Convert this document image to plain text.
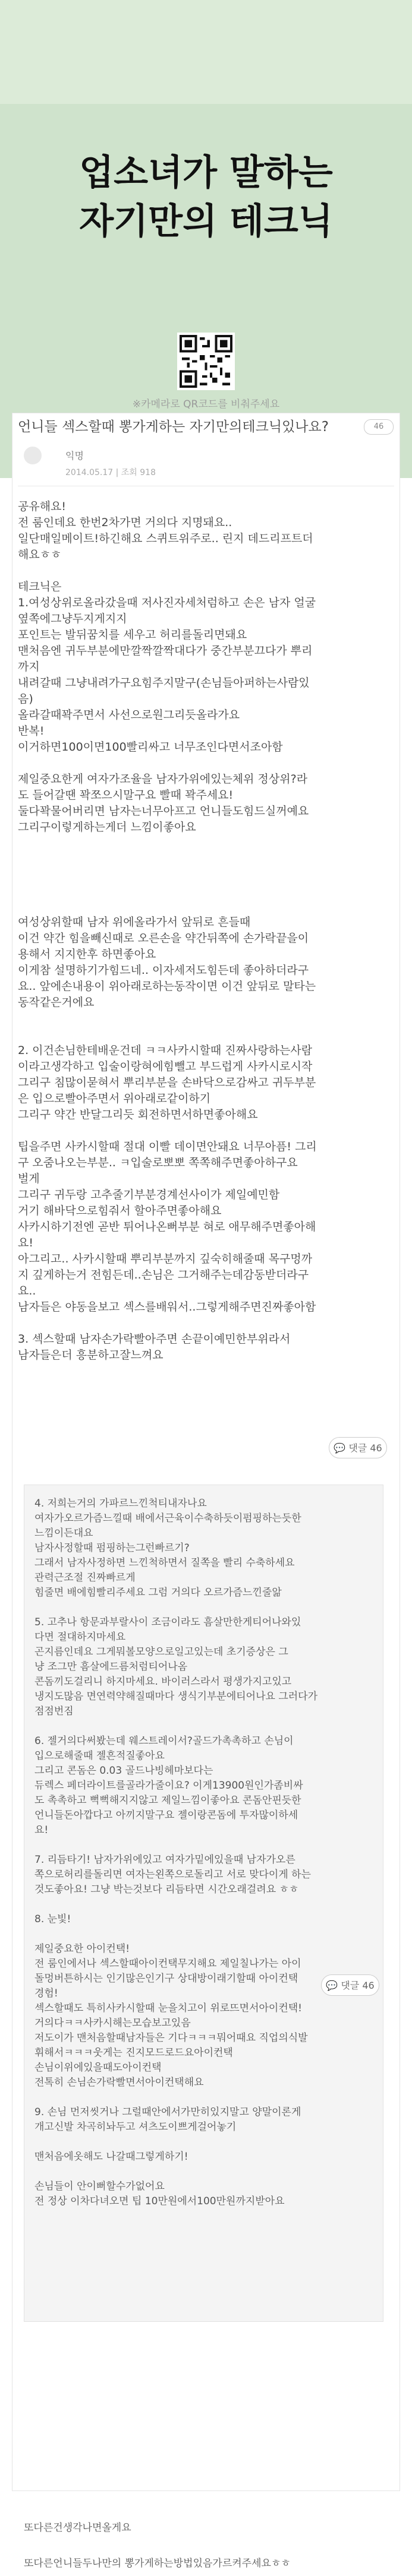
업소녀가 말하는
자기만의 테크닉
※카메라로 QR코드를 비춰주세요
언니들 섹스할때 뽕가게하는 자기만의테크닉있나요?	46
익명
2014.05.17 | 조회 918
공유해요!
전 룸인데요 한번2차가면 거의다 지명돼요..
일단매일메이트!하긴해요 스퀴트위주로.. 린지 데드리프트더
해요ㅎㅎ
테크닉은
1.여성상위로올라갔을때 저사진자세처럼하고 손은 남자 얼굴
옆쪽에그냥두지게지지
포인트는 발뒤꿈치를 세우고 허리를돌리면돼요
맨처음엔 귀두부분에만깔짝깔짝대다가 중간부분끄다가 뿌리
까지
내려갈때 그냥내려가구요힘주지말구(손님들아퍼하는사람있
음)
올라갈때꽉주면서 사선으로원그리듯올라가요
반복!
이거하면100이면100빨리싸고 너무조인다면서조아함
제일중요한게 여자가조율을 남자가위에있는체위 정상위?라
도 들어갈땐 꽉쪼으시말구요 빨때 꽉주세요!
둘다꽉물어버리면 남자는너무아프고 언니들도힘드실꺼예요
그리구이렇게하는게더 느낌이좋아요
여성상위할때 남자 위에올라가서 앞뒤로 흔들때
이건 약간 힘을빼신때로 오른손을 약간뒤쪽에 손가락끝을이
용해서 지지한후 하면좋아요
이게참 설명하기가힘드네.. 이자세저도힘든데 좋아하더라구
요.. 앞에손내용이 위아래로하는동작이면 이건 앞뒤로 말타는
동작같은거에요
2. 이건손님한테배운건데 ㅋㅋ사카시할때 진짜사랑하는사람
이라고생각하고 입술이랑혀에힘뺄고 부드럽게 사카시로시작
그리구 침많이묻혀서 뿌리부분을 손바닥으로감싸고 귀두부분
은 입으로빨아주면서 위아래로같이하기
그리구 약간 반달그리듯 회전하면서하면좋아해요
팁을주면 사카시할때 절대 이빨 데이면안돼요 너무아픔! 그리
구 오줌나오는부분.. ㅋ입술로뽀뽀 쪽쪽해주면좋아하구요
벌게
그리구 귀두랑 고추줄기부분경계선사이가 제일예민함
거기 해바닥으로힘줘서 할아주면좋아해요
사카시하기전엔 곧반 튀어나온뻐부분 혀로 애무해주면좋아해
요!
아그리고.. 사카시할때 뿌리부분까지 깊숙히해줄때 목구멍까
지 깊게하는거 전힘든데..손님은 그거해주는데감동받더라구
요..
남자들은 야동을보고 섹스를배워서..그렇게해주면진짜좋아함
3. 섹스할때 남자손가락빨아주면 손끝이예민한부위라서
남자들은더 흥분하고잘느껴요
💬 댓글 46
4. 저희는거의 가파르느낀척티내자나요
여자가오르가즘느낄때 배에서근육이수축하듯이펌핑하는듯한
느낌이든대요
남자사정할때 펌핑하는그런빠르기?
그래서 남자사정하면 느낀척하면서 질쪽을 빨리 수축하세요
관력근조절 진짜빠르게
힘줄면 배에힘빨리주세요 그럼 거의다 오르가즘느낀줄앎
5. 고추나 항문과부랄사이 조금이라도 흠살만한게티어나와있
다면 절대하지마세요
곤지름인데요 그게뭐볼모양으로일고있는데 초기증상은 그
냥 조그만 흠살에드름처럼티어나옴
콘돔끼도걸리니 하지마세요. 바이러스라서 평생가지고있고
냉지도많음 면연력약해질때마다 생식기부분에티어나요 그러다가
점점번짐
6. 젤거의다써봤는데 웨스트레이서?골드가촉촉하고 손님이
입으로해줄때 젤흔적질좋아요
그리고 콘돔은 0.03 골드나빙헤마보다는
듀렉스 페더라이트를골라가줄이요? 이게13900원인가좀비싸
도 촉촉하고 뻑뻑해지지않고 제일느낌이좋아요 콘돔안핀듯한
언니들돈아깝다고 아끼지말구요 젤이랑콘돔에 투자많이하세
요!
7. 리듬타기! 남자가위에있고 여자가밑에있을때 남자가오른
쪽으로허리를돌리면 여자는왼쪽으로돌리고 서로 맞다이게 하는
것도좋아요! 그냥 박는것보다 리듬타면 시간오래걸려요 ㅎㅎ
8. 눈빛!
제일중요한 아이컨택!
전 룸인에서나 섹스할때아이컨택무지해요 제일칠나가는 아이
돌멍버튼하시는 인기많은인기구 상대방이래기할때 아이컨택
경험!
섹스할때도 특히사카시할때 눈을치고이 위로뜨면서아이컨택!
거의다ㅋㅋ사카시해는모습보고있음
저도이가 맨처음할때남자들은 기다ㅋㅋㅋ뭐어때요 직업의식발
휘해서ㅋㅋㅋ웃게는 진지모드로드요아이컨택
손님이위에있을때도아이컨택
전톡히 손님손가락빨면서아이컨택해요
9. 손님 먼저씻거나 그럴때안에서가만히있지말고 양말이론게
개고신발 차곡히놔두고 셔츠도이쁘게걸어놓기
맨처음에옷해도 나갈때그렇게하기!
손님들이 안이뻐할수가없어요
전 정상 이차다녀오면 팁 10만원에서100만원까지받아요
💬 댓글 46
또다른건생각나면올게요
또다른언니들두나만의 뽕가게하는방법있음가르켜주세요ㅎㅎ
